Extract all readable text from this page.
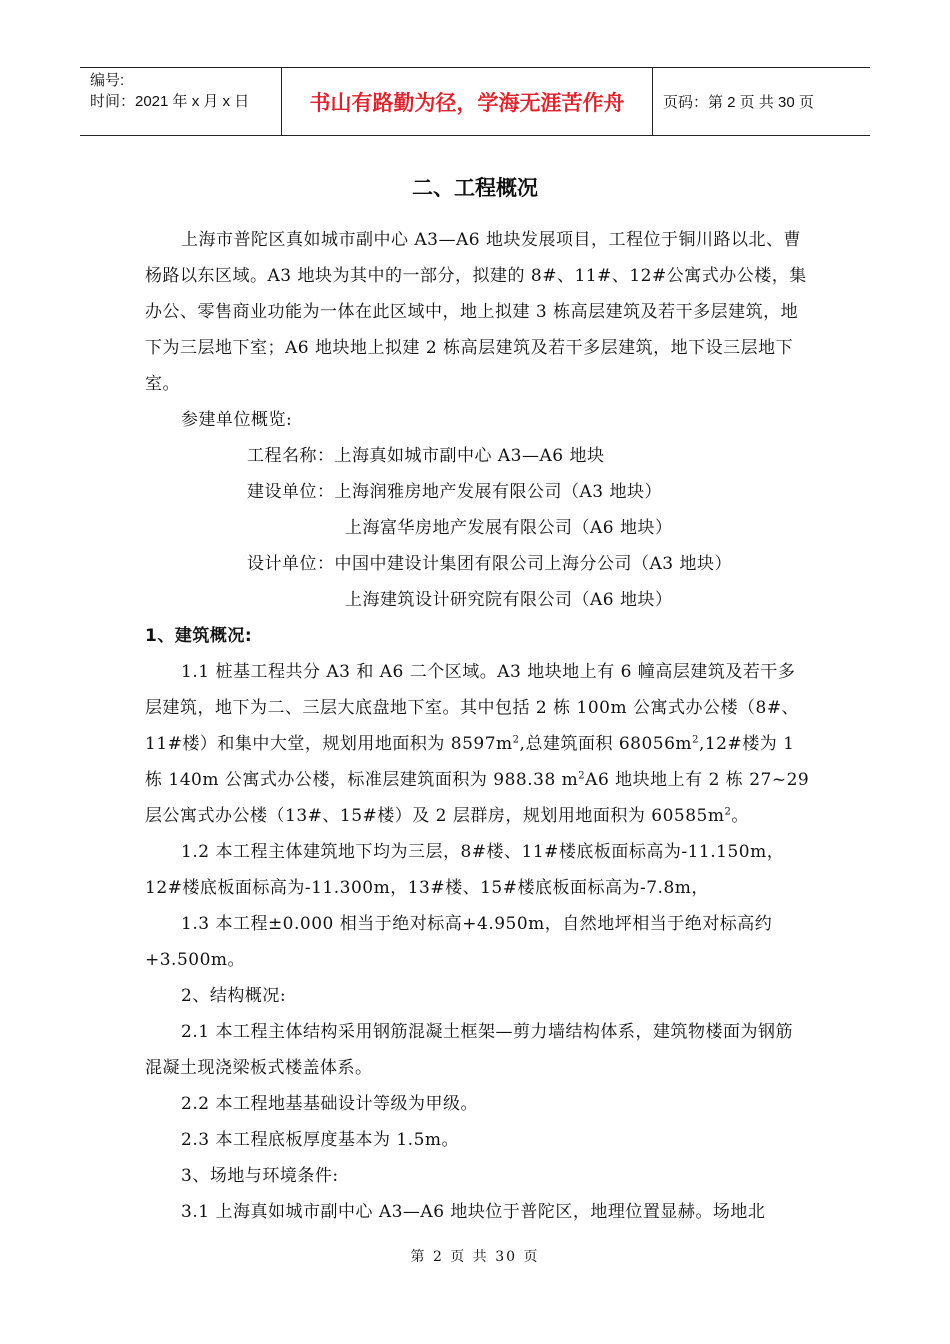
编号:
时间：2021 年 x 月 x 日	书山有路勤为径，学海无涯苦作舟	页码：第 2 页 共 30 页
二、工程概况

上海市普陀区真如城市副中心 A3—A6 地块发展项目，工程位于铜川路以北、曹杨路以东区域。A3 地块为其中的一部分，拟建的 8#、11#、12#公寓式办公楼，集办公、零售商业功能为一体在此区域中，地上拟建 3 栋高层建筑及若干多层建筑，地下为三层地下室；A6 地块地上拟建 2 栋高层建筑及若干多层建筑，地下设三层地下室。

参建单位概览:

工程名称：上海真如城市副中心 A3—A6 地块

建设单位：上海润雅房地产发展有限公司（A3 地块）

上海富华房地产发展有限公司（A6 地块）

设计单位：中国中建设计集团有限公司上海分公司（A3 地块）

上海建筑设计研究院有限公司（A6 地块）

1、建筑概况:

1.1 桩基工程共分 A3 和 A6 二个区域。A3 地块地上有 6 幢高层建筑及若干多层建筑，地下为二、三层大底盘地下室。其中包括 2 栋 100m 公寓式办公楼（8#、11#楼）和集中大堂，规划用地面积为 $8597m^2$,总建筑面积 $68056m^2,12\#$楼为 1 栋 140m 公寓式办公楼，标准层建筑面积为 988.38 $m^2A6$ 地块地上有 2 栋 27~29 层公寓式办公楼（13#、15#楼）及 2 层群房，规划用地面积为 $60585m^2$。

1.2 本工程主体建筑地下均为三层，8#楼、11#楼底板面标高为-11.150m，12#楼底板面标高为-11.300m，13#楼、15#楼底板面标高为-7.8m，

1.3 本工程±0.000 相当于绝对标高+4.950m，自然地坪相当于绝对标高约+3.500m。

2、结构概况:

2.1 本工程主体结构采用钢筋混凝土框架—剪力墙结构体系，建筑物楼面为钢筋混凝土现浇梁板式楼盖体系。

2.2 本工程地基基础设计等级为甲级。

2.3 本工程底板厚度基本为 1.5m。

3、场地与环境条件:

3.1 上海真如城市副中心 A3—A6 地块位于普陀区，地理位置显赫。场地北

第 2 页 共 30 页
